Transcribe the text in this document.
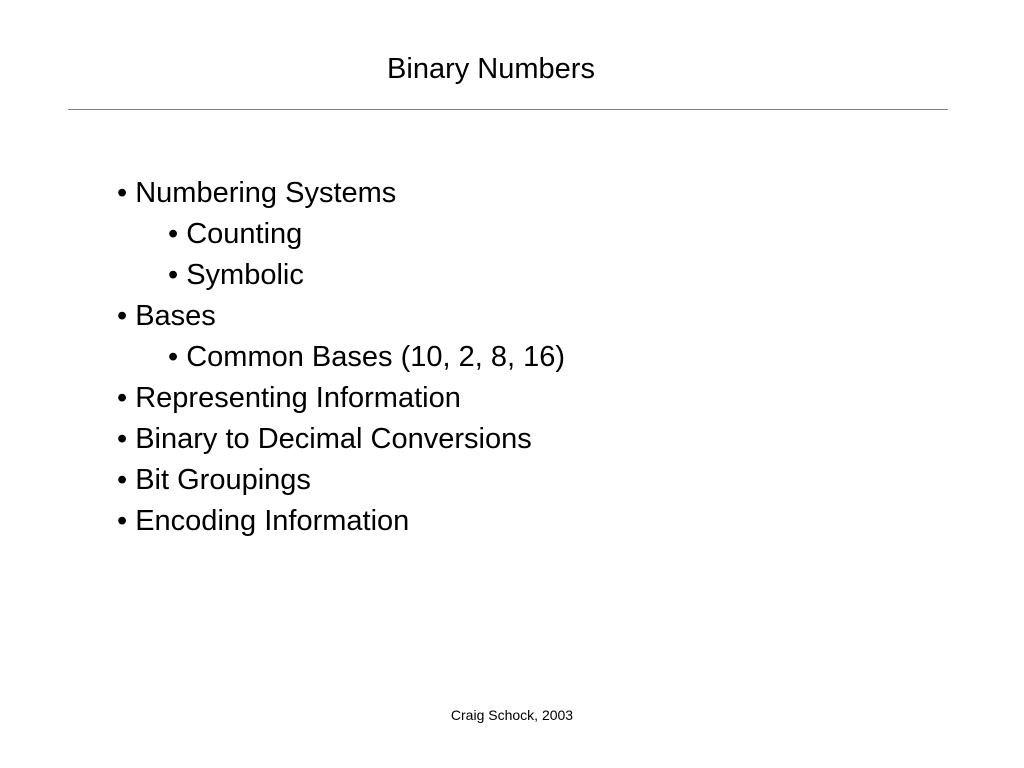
Binary Numbers
• Numbering Systems
• Counting
• Symbolic
• Bases
• Common Bases (10, 2, 8, 16)
• Representing Information
• Binary to Decimal Conversions
• Bit Groupings
• Encoding Information
Craig Schock, 2003
